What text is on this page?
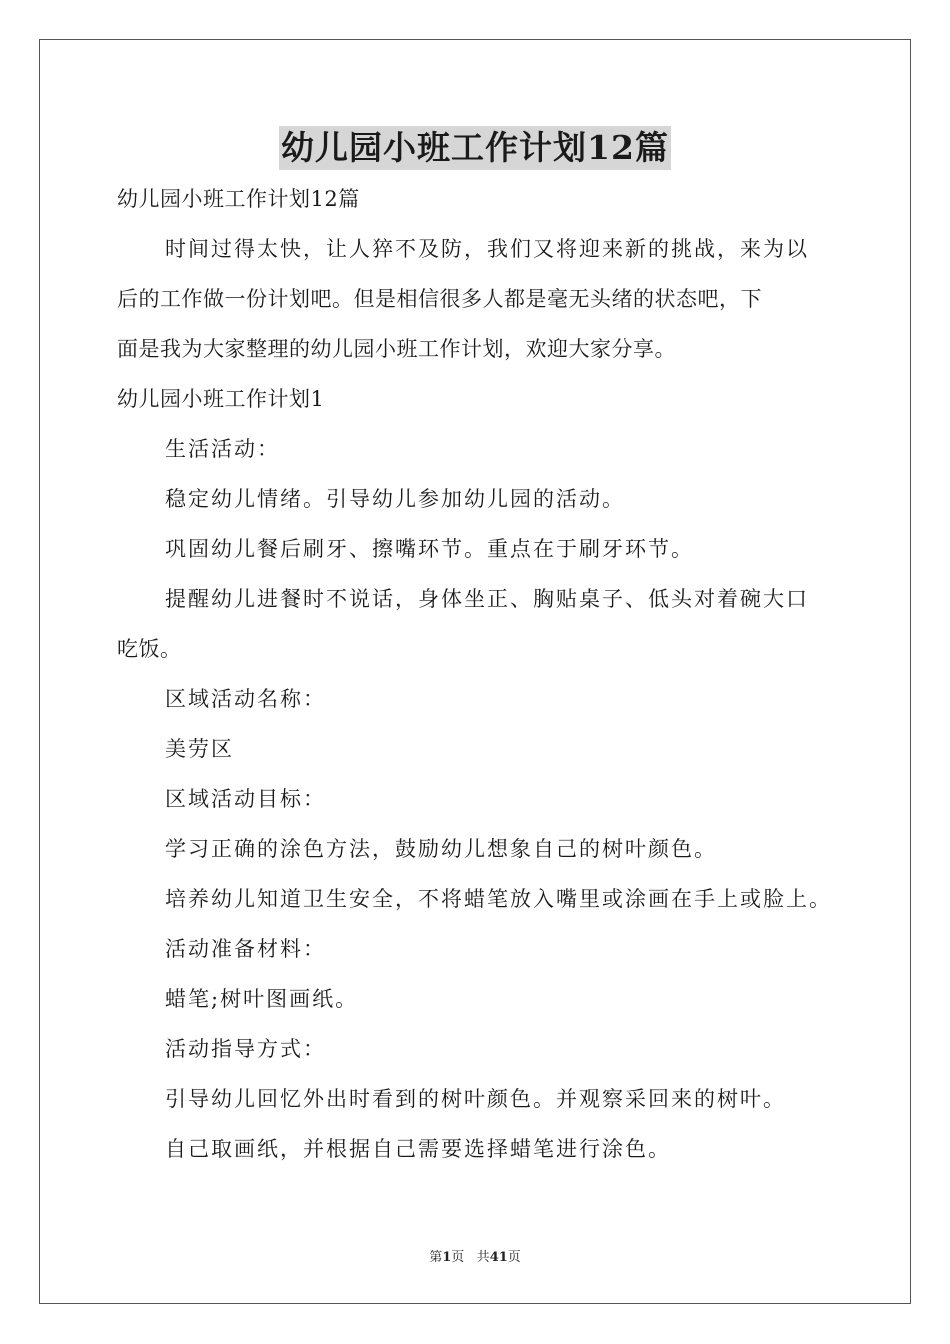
幼儿园小班工作计划12篇
幼儿园小班工作计划12篇
时间过得太快，让人猝不及防，我们又将迎来新的挑战，来为以
后的工作做一份计划吧。但是相信很多人都是毫无头绪的状态吧，下
面是我为大家整理的幼儿园小班工作计划，欢迎大家分享。
幼儿园小班工作计划1
生活活动：
稳定幼儿情绪。引导幼儿参加幼儿园的活动。
巩固幼儿餐后刷牙、擦嘴环节。重点在于刷牙环节。
提醒幼儿进餐时不说话，身体坐正、胸贴桌子、低头对着碗大口
吃饭。
区域活动名称：
美劳区
区域活动目标：
学习正确的涂色方法，鼓励幼儿想象自己的树叶颜色。
培养幼儿知道卫生安全，不将蜡笔放入嘴里或涂画在手上或脸上。
活动准备材料：
蜡笔;树叶图画纸。
活动指导方式：
引导幼儿回忆外出时看到的树叶颜色。并观察采回来的树叶。
自己取画纸，并根据自己需要选择蜡笔进行涂色。
第1页 共41页
